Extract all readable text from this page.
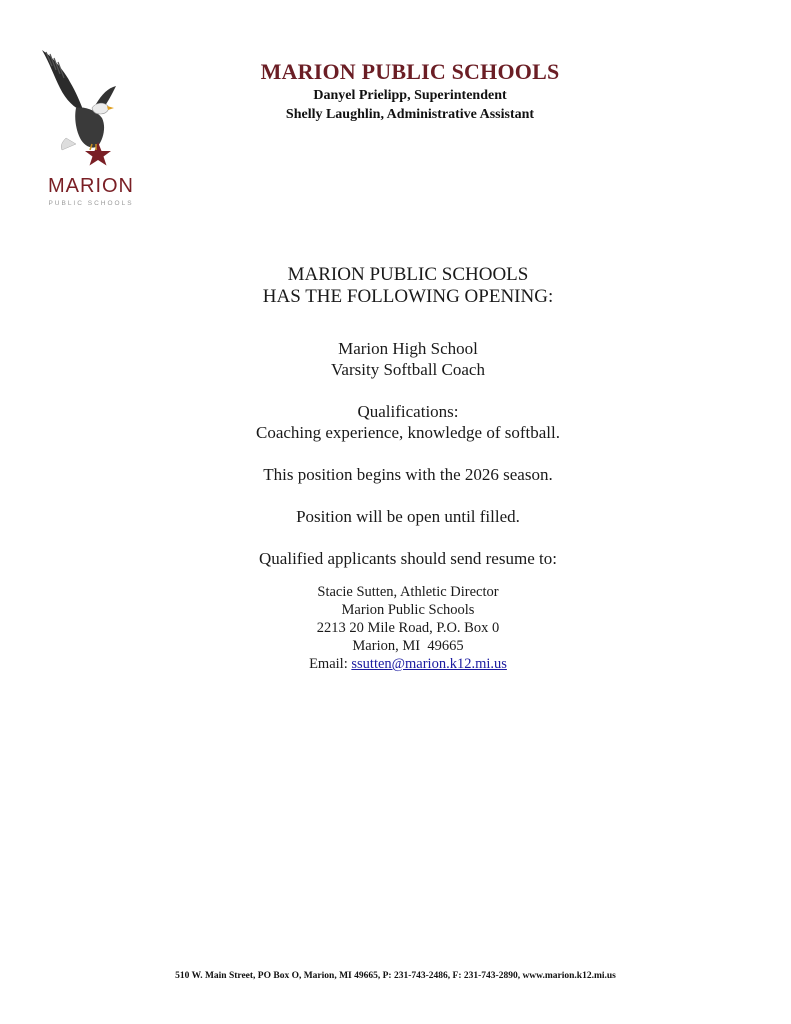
MARION
PUBLIC SCHOOLS
MARION PUBLIC SCHOOLS
Danyel Prielipp, Superintendent
Shelly Laughlin, Administrative Assistant

MARION PUBLIC SCHOOLS

HAS THE FOLLOWING OPENING:

Marion High School

Varsity Softball Coach

Qualifications:

Coaching experience, knowledge of softball.

This position begins with the 2026 season.

Position will be open until filled.

Qualified applicants should send resume to:

Stacie Sutten, Athletic Director

Marion Public Schools

2213 20 Mile Road, P.O. Box 0

Marion, MI  49665

Email: ssutten@marion.k12.mi.us

510 W. Main Street, PO Box O, Marion, MI 49665, P: 231-743-2486, F: 231-743-2890, www.marion.k12.mi.us
